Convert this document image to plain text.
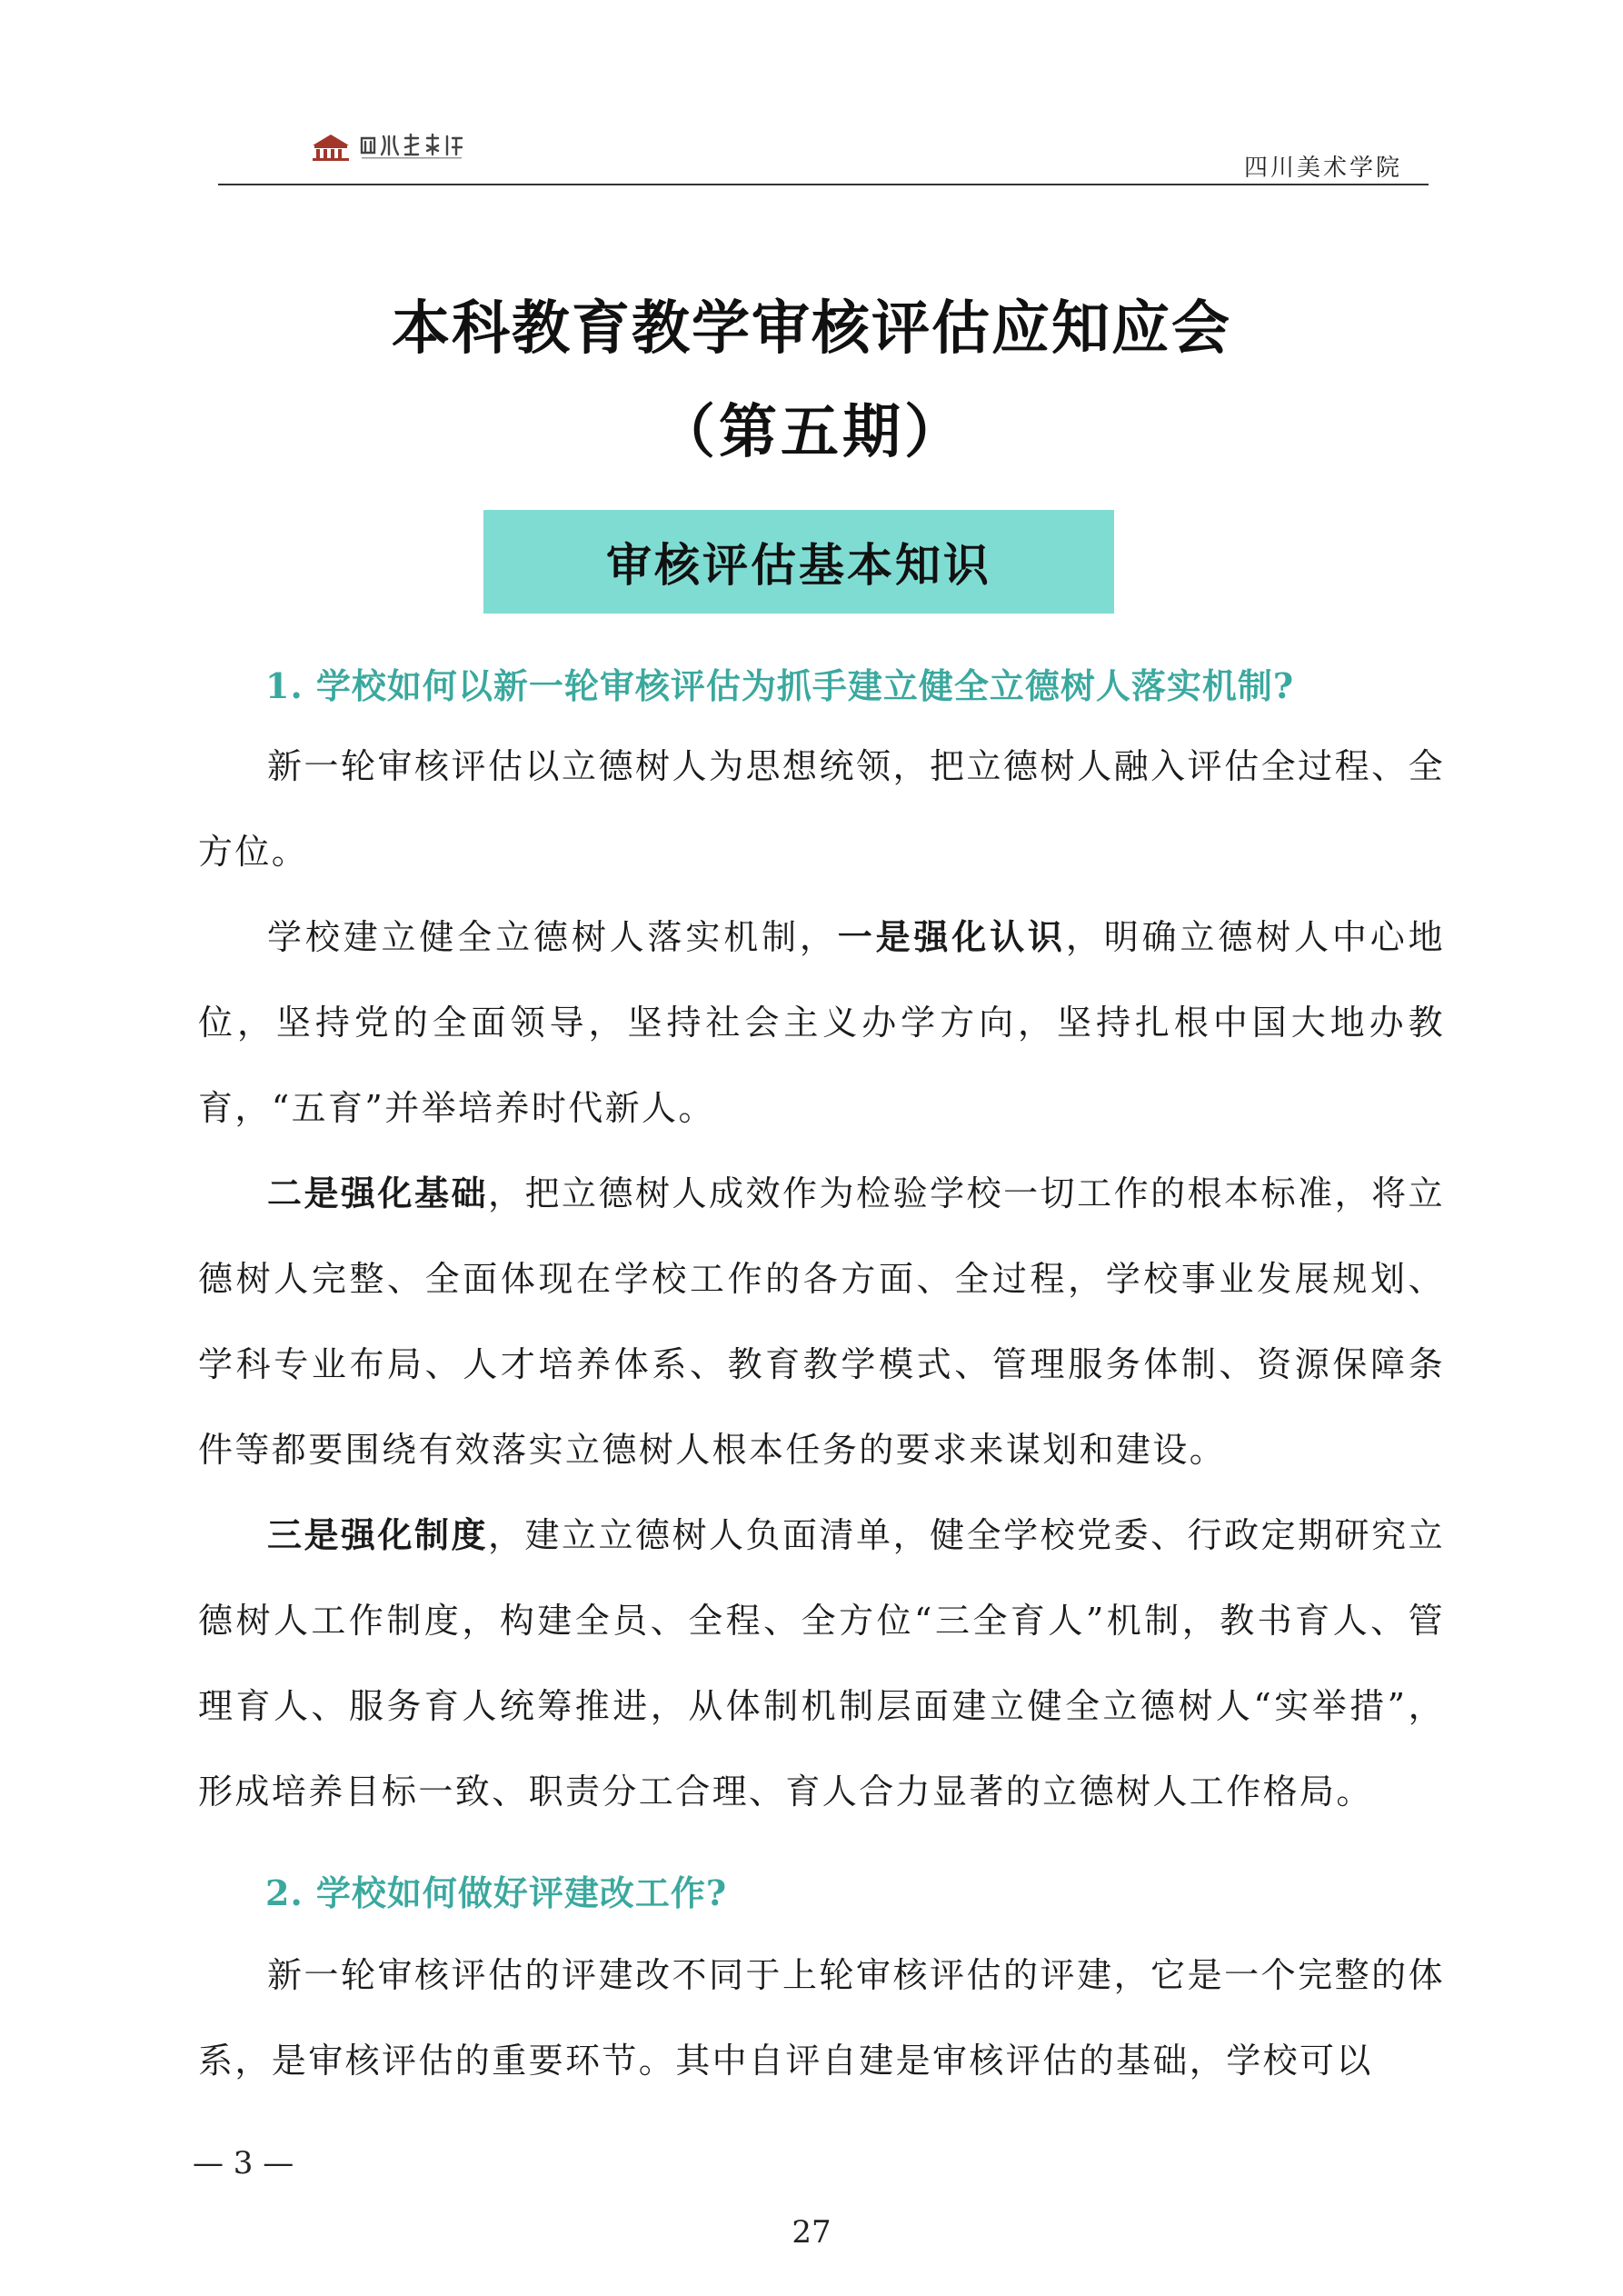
四川美术学院
本科教育教学审核评估应知应会
（第五期）
审核评估基本知识
1. 学校如何以新一轮审核评估为抓手建立健全立德树人落实机制?
新一轮审核评估以立德树人为思想统领，把立德树人融入评估全过程、全方位。
学校建立健全立德树人落实机制，一是强化认识，明确立德树人中心地位，坚持党的全面领导，坚持社会主义办学方向，坚持扎根中国大地办教育，“五育”并举培养时代新人。
二是强化基础，把立德树人成效作为检验学校一切工作的根本标准，将立德树人完整、全面体现在学校工作的各方面、全过程，学校事业发展规划、学科专业布局、人才培养体系、教育教学模式、管理服务体制、资源保障条件等都要围绕有效落实立德树人根本任务的要求来谋划和建设。
三是强化制度，建立立德树人负面清单，健全学校党委、行政定期研究立德树人工作制度，构建全员、全程、全方位“三全育人”机制，教书育人、管理育人、服务育人统筹推进，从体制机制层面建立健全立德树人“实举措”，形成培养目标一致、职责分工合理、育人合力显著的立德树人工作格局。
2. 学校如何做好评建改工作?
新一轮审核评估的评建改不同于上轮审核评估的评建，它是一个完整的体系，是审核评估的重要环节。其中自评自建是审核评估的基础，学校可以
— 3 —
27
